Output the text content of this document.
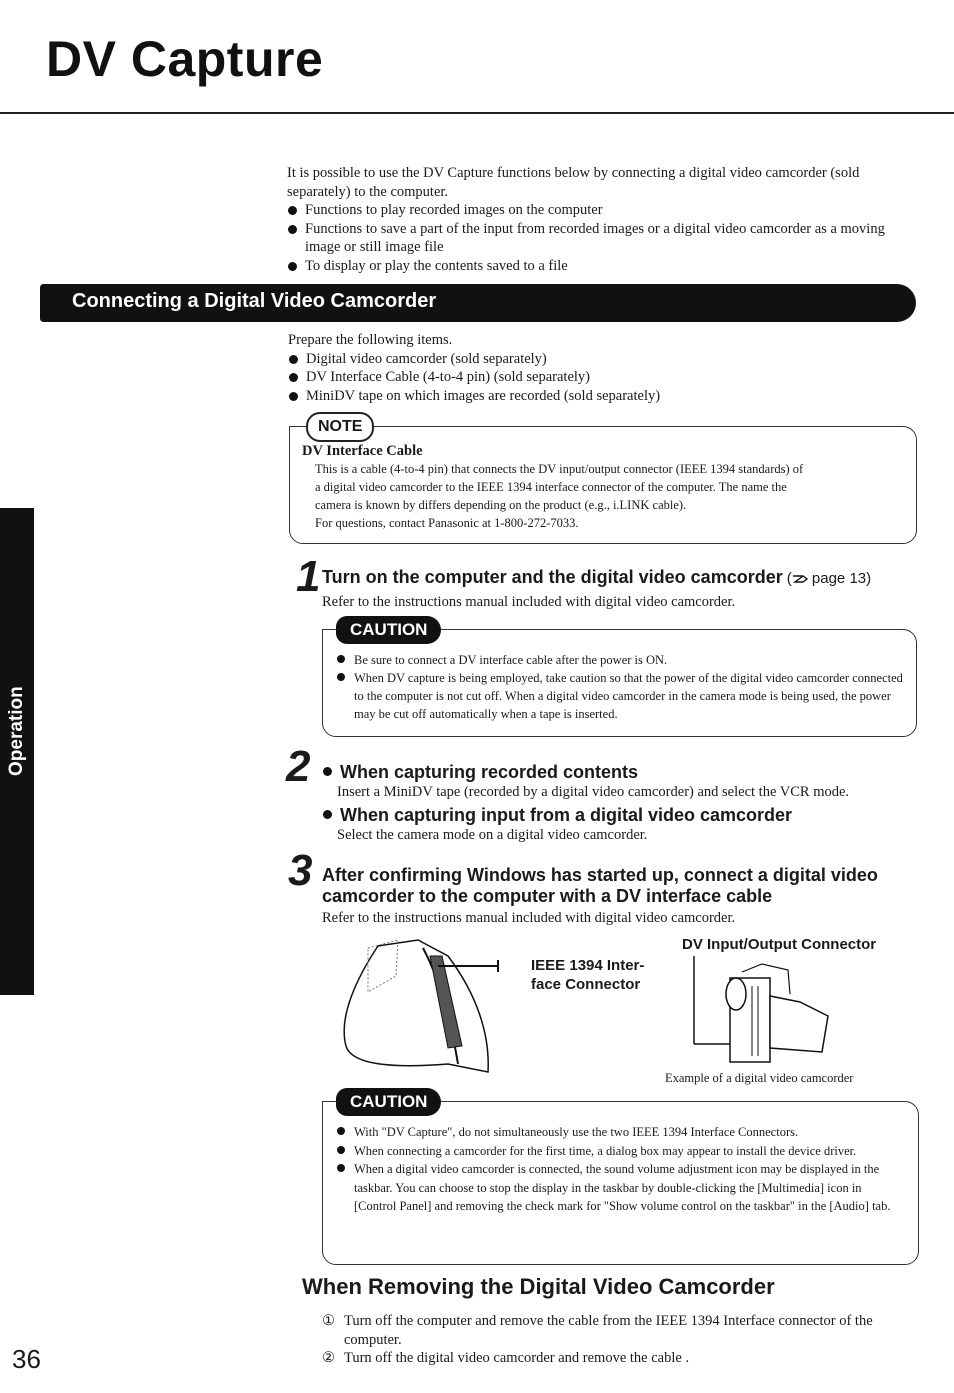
DV Capture
Operation
It is possible to use the DV Capture functions below by connecting a digital video camcorder (sold separately) to the computer.
Functions to play recorded images on the computer
Functions to save a part of the input from recorded images or a digital video camcorder as a moving image or still image file
To display or play the contents saved to a file
Connecting a Digital Video Camcorder
Prepare the following items.
Digital video camcorder (sold separately)
DV Interface Cable (4-to-4 pin) (sold separately)
MiniDV tape on which images are recorded (sold separately)
NOTE
DV Interface Cable
This is a cable (4-to-4 pin) that connects the DV input/output connector (IEEE 1394 standards) of
a digital video camcorder to the IEEE 1394 interface connector of the computer. The name the
camera is known by differs depending on the product (e.g., i.LINK cable).
For questions, contact Panasonic at 1-800-272-7033.
1 Turn on the computer and the digital video camcorder ( page 13)
Refer to the instructions manual included with digital video camcorder.
CAUTION
Be sure to connect a DV interface cable after the power is ON.
When DV capture is being employed, take caution so that the power of the digital video camcorder connected to the computer is not cut off. When a digital video camcorder in the camera mode is being used, the power may be cut off automatically when a tape is inserted.
2	When capturing recorded contents
Insert a MiniDV tape (recorded by a digital video camcorder) and select the VCR mode.
When capturing input from a digital video camcorder
Select the camera mode on a digital video camcorder.
3 After confirming Windows has started up, connect a digital video
camcorder to the computer with a DV interface cable
Refer to the instructions manual included with digital video camcorder.
IEEE 1394 Inter-
face Connector
DV Input/Output Connector
Example of a digital video camcorder
CAUTION
With "DV Capture", do not simultaneously use the two IEEE 1394 Interface Connectors.
When connecting a camcorder for the first time, a dialog box may appear to install the device driver.
When a digital video camcorder is connected, the sound volume adjustment icon may be displayed in the taskbar. You can choose to stop the display in the taskbar by double-clicking the [Multimedia] icon in [Control Panel] and removing the check mark for "Show volume control on the taskbar" in the [Audio] tab.
When Removing the Digital Video Camcorder
① Turn off the computer and remove the cable from the IEEE 1394 Interface connector of the computer.
② Turn off the digital video camcorder and remove the cable .
36
